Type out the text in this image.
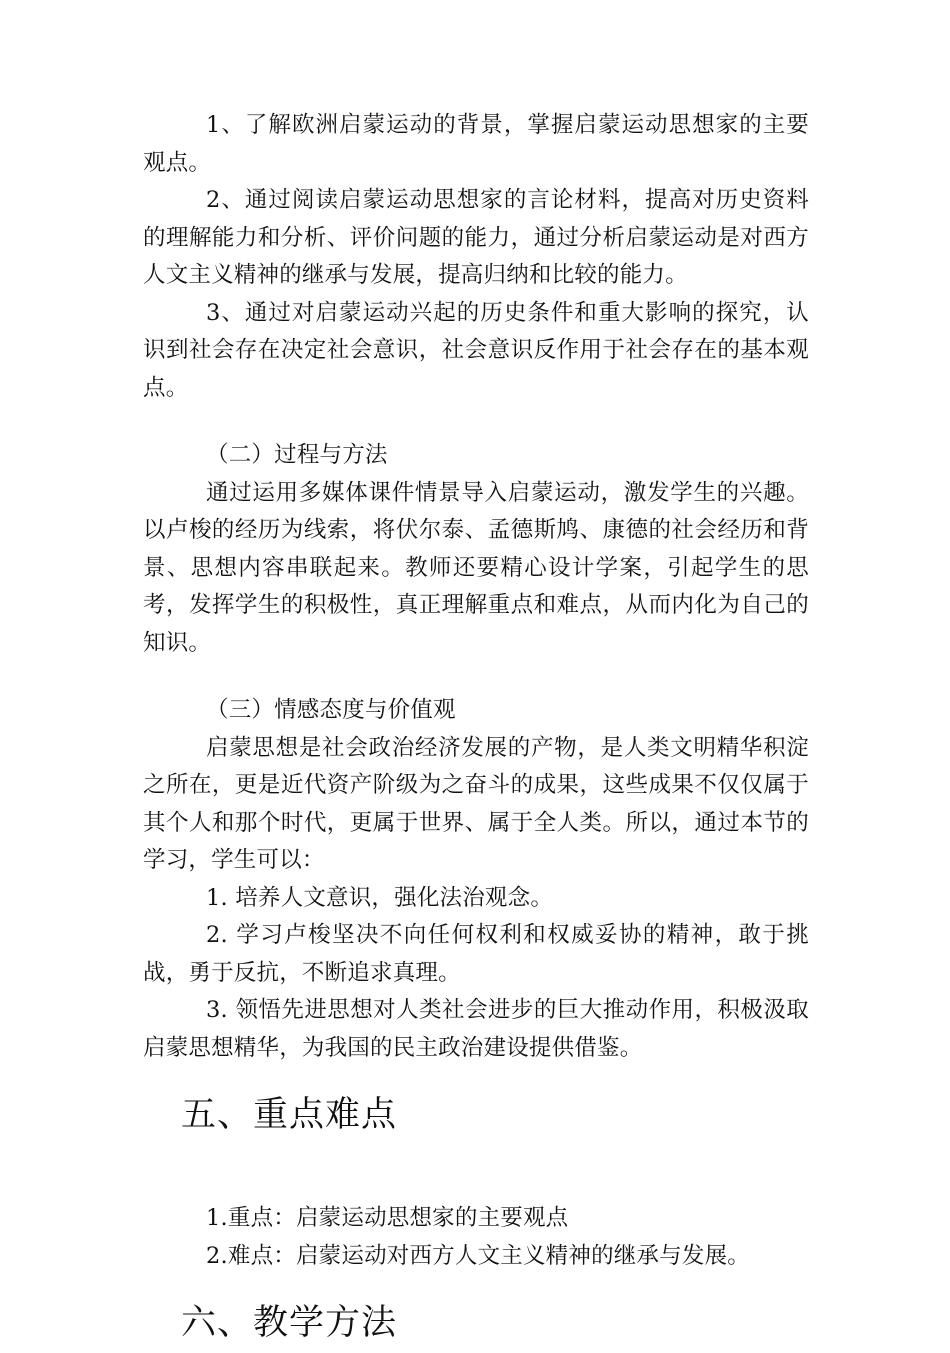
1、了解欧洲启蒙运动的背景，掌握启蒙运动思想家的主要观点。

2、通过阅读启蒙运动思想家的言论材料，提高对历史资料的理解能力和分析、评价问题的能力，通过分析启蒙运动是对西方人文主义精神的继承与发展，提高归纳和比较的能力。

3、通过对启蒙运动兴起的历史条件和重大影响的探究，认识到社会存在决定社会意识，社会意识反作用于社会存在的基本观点。

（二）过程与方法

通过运用多媒体课件情景导入启蒙运动，激发学生的兴趣。以卢梭的经历为线索，将伏尔泰、孟德斯鸠、康德的社会经历和背景、思想内容串联起来。教师还要精心设计学案，引起学生的思考，发挥学生的积极性，真正理解重点和难点，从而内化为自己的知识。

（三）情感态度与价值观

启蒙思想是社会政治经济发展的产物，是人类文明精华积淀之所在，更是近代资产阶级为之奋斗的成果，这些成果不仅仅属于其个人和那个时代，更属于世界、属于全人类。所以，通过本节的学习，学生可以：

1. 培养人文意识，强化法治观念。

2. 学习卢梭坚决不向任何权利和权威妥协的精神，敢于挑战，勇于反抗，不断追求真理。

3. 领悟先进思想对人类社会进步的巨大推动作用，积极汲取启蒙思想精华，为我国的民主政治建设提供借鉴。

五、重点难点

1.重点：启蒙运动思想家的主要观点

2.难点：启蒙运动对西方人文主义精神的继承与发展。

六、教学方法
